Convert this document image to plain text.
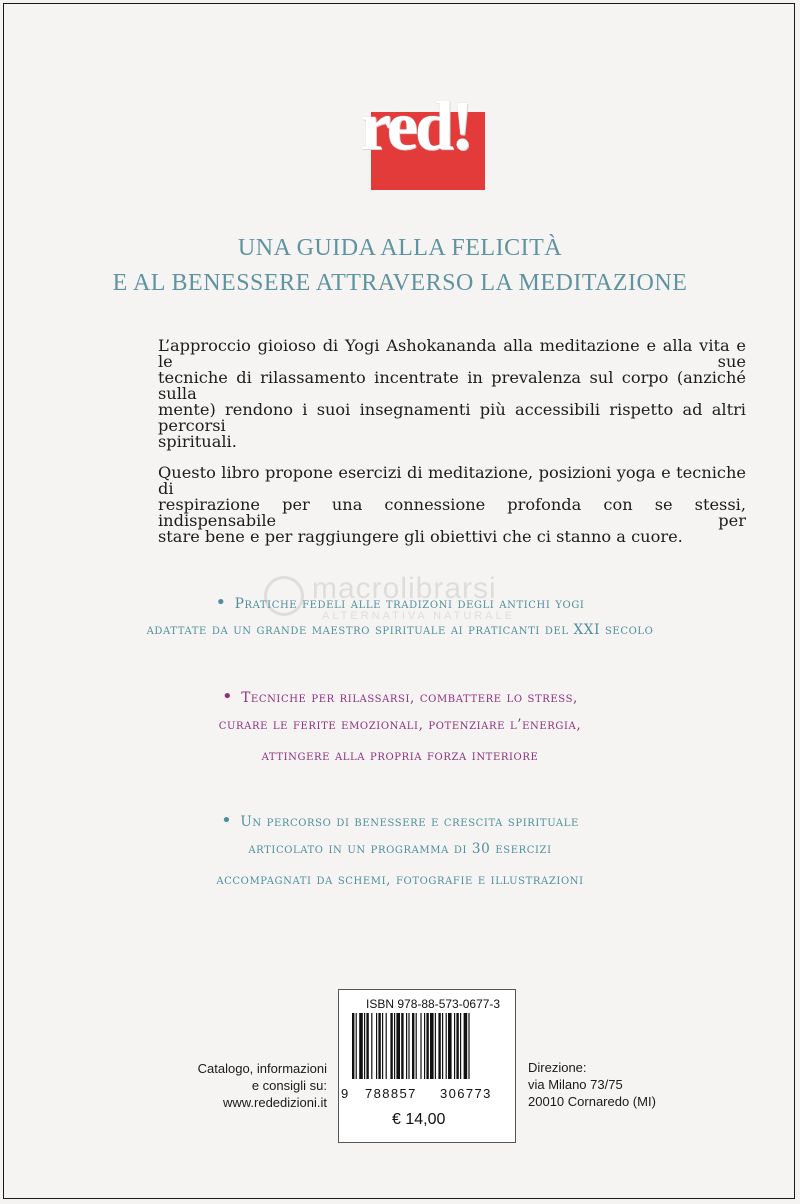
red!
UNA GUIDA ALLA FELICITÀ
E AL BENESSERE ATTRAVERSO LA MEDITAZIONE
L’approccio gioioso di Yogi Ashokananda alla meditazione e alla vita e le sue
tecniche di rilassamento incentrate in prevalenza sul corpo (anziché sulla
mente) rendono i suoi insegnamenti più accessibili rispetto ad altri percorsi
spirituali.
Questo libro propone esercizi di meditazione, posizioni yoga e tecniche di
respirazione per una connessione profonda con se stessi, indispensabile per
stare bene e per raggiungere gli obiettivi che ci stanno a cuore.
macrolibrarsi
ALTERNATIVA NATURALE
• Pratiche fedeli alle tradizoni degli antichi yogi
adattate da un grande maestro spirituale ai praticanti del XXI secolo
• Tecniche per rilassarsi, combattere lo stress,
curare le ferite emozionali, potenziare l’energia,
attingere alla propria forza interiore
• Un percorso di benessere e crescita spirituale
articolato in un programma di 30 esercizi
accompagnati da schemi, fotografie e illustrazioni
Catalogo, informazioni
e consigli su:
www.rededizioni.it
ISBN 978-88-573-0677-3
9 788857 306773
€ 14,00
Direzione:
via Milano 73/75
20010 Cornaredo (MI)
